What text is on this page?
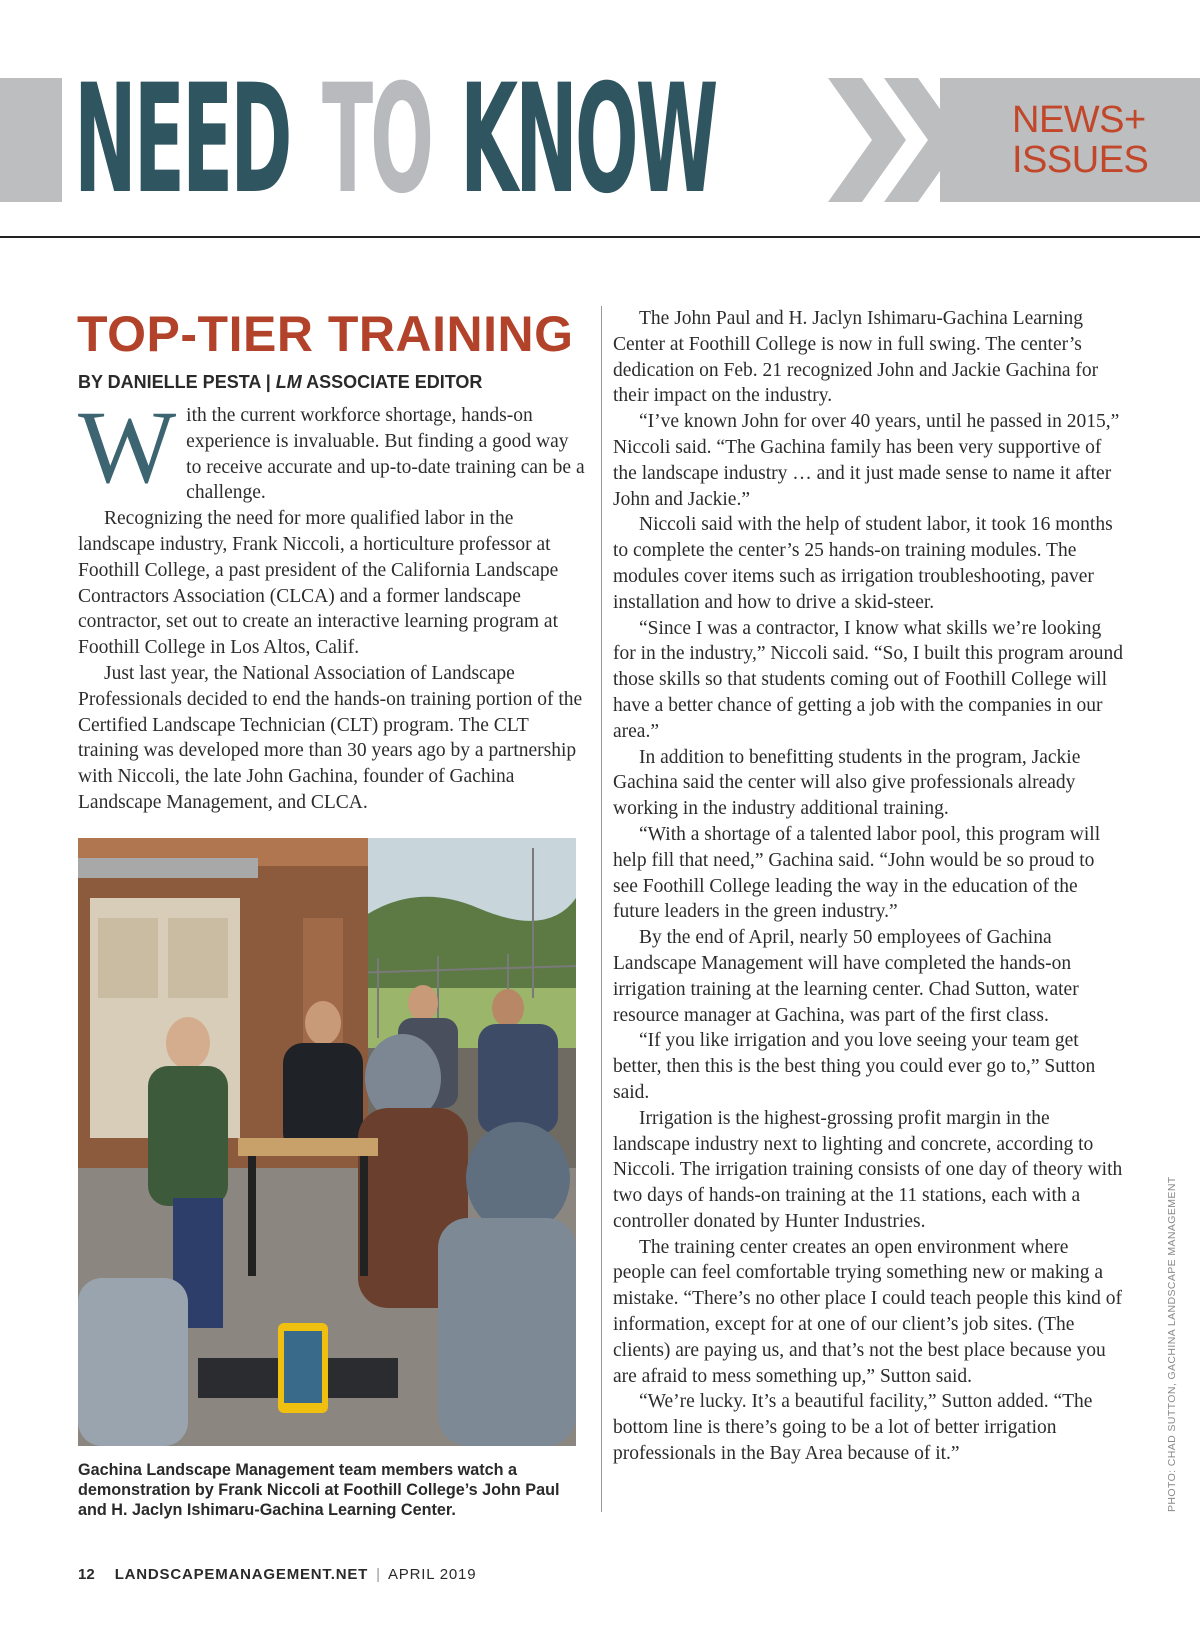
NEED TO KNOW	NEWS+
ISSUES
TOP-TIER TRAINING
BY DANIELLE PESTA | LM ASSOCIATE EDITOR

With the current workforce shortage, hands-on experience is invaluable. But finding a good way to receive accurate and up-to-date training can be a challenge.

Recognizing the need for more qualified labor in the landscape industry, Frank Niccoli, a horticulture professor at Foothill College, a past president of the California Landscape Contractors Association (CLCA) and a former landscape contractor, set out to create an interactive learning program at Foothill College in Los Altos, Calif.

Just last year, the National Association of Landscape Professionals decided to end the hands-on training portion of the Certified Landscape Technician (CLT) program. The CLT training was developed more than 30 years ago by a partnership with Niccoli, the late John Gachina, founder of Gachina Landscape Management, and CLCA.

Gachina Landscape Management team members watch a demonstration by Frank Niccoli at Foothill College’s John Paul and H. Jaclyn Ishimaru-Gachina Learning Center.

The John Paul and H. Jaclyn Ishimaru-Gachina Learning Center at Foothill College is now in full swing. The center’s dedication on Feb. 21 recognized John and Jackie Gachina for their impact on the industry.

“I’ve known John for over 40 years, until he passed in 2015,” Niccoli said. “The Gachina family has been very supportive of the landscape industry … and it just made sense to name it after John and Jackie.”

Niccoli said with the help of student labor, it took 16 months to complete the center’s 25 hands-on training modules. The modules cover items such as irrigation troubleshooting, paver installation and how to drive a skid-steer.

“Since I was a contractor, I know what skills we’re looking for in the industry,” Niccoli said. “So, I built this program around those skills so that students coming out of Foothill College will have a better chance of getting a job with the companies in our area.”

In addition to benefitting students in the program, Jackie Gachina said the center will also give professionals already working in the industry additional training.

“With a shortage of a talented labor pool, this program will help fill that need,” Gachina said. “John would be so proud to see Foothill College leading the way in the education of the future leaders in the green industry.”

By the end of April, nearly 50 employees of Gachina Landscape Management will have completed the hands-on irrigation training at the learning center. Chad Sutton, water resource manager at Gachina, was part of the first class.

“If you like irrigation and you love seeing your team get better, then this is the best thing you could ever go to,” Sutton said.

Irrigation is the highest-grossing profit margin in the landscape industry next to lighting and concrete, according to Niccoli. The irrigation training consists of one day of theory with two days of hands-on training at the 11 stations, each with a controller donated by Hunter Industries.

The training center creates an open environment where people can feel comfortable trying something new or making a mistake. “There’s no other place I could teach people this kind of information, except for at one of our client’s job sites. (The clients) are paying us, and that’s not the best place because you are afraid to mess something up,” Sutton said.

“We’re lucky. It’s a beautiful facility,” Sutton added. “The bottom line is there’s going to be a lot of better irrigation professionals in the Bay Area because of it.”	PHOTO: CHAD SUTTON, GACHINA LANDSCAPE MANAGEMENT
12 LANDSCAPEMANAGEMENT.NET | APRIL 2019
